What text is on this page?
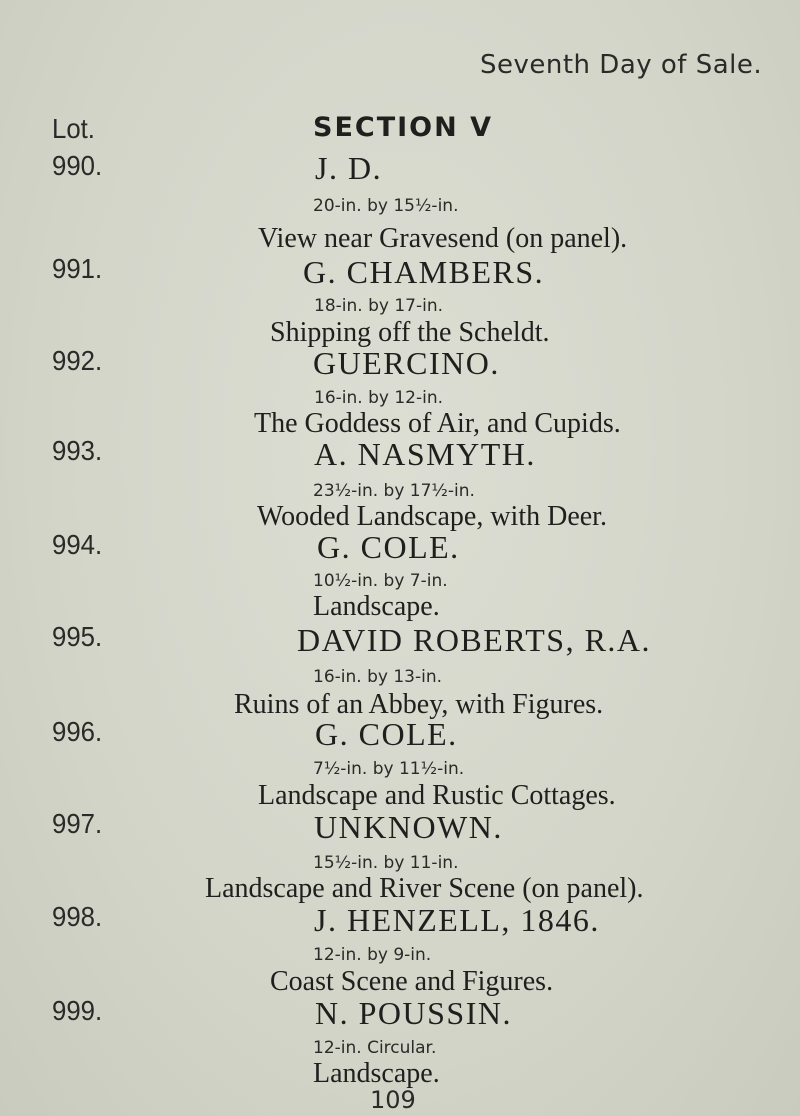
Seventh Day of Sale.
Lot.	SECTION V
990.	J. D.
20-in. by 15½-in.
View near Gravesend (on panel).
991.	G. CHAMBERS.
18-in. by 17-in.
Shipping off the Scheldt.
992.	GUERCINO.
16-in. by 12-in.
The Goddess of Air, and Cupids.
993.	A. NASMYTH.
23½-in. by 17½-in.
Wooded Landscape, with Deer.
994.	G. COLE.
10½-in. by 7-in.
Landscape.
995.	DAVID ROBERTS, R.A.
16-in. by 13-in.
Ruins of an Abbey, with Figures.
996.	G. COLE.
7½-in. by 11½-in.
Landscape and Rustic Cottages.
997.	UNKNOWN.
15½-in. by 11-in.
Landscape and River Scene (on panel).
998.	J. HENZELL, 1846.
12-in. by 9-in.
Coast Scene and Figures.
999.	N. POUSSIN.
12-in. Circular.
Landscape.
109
